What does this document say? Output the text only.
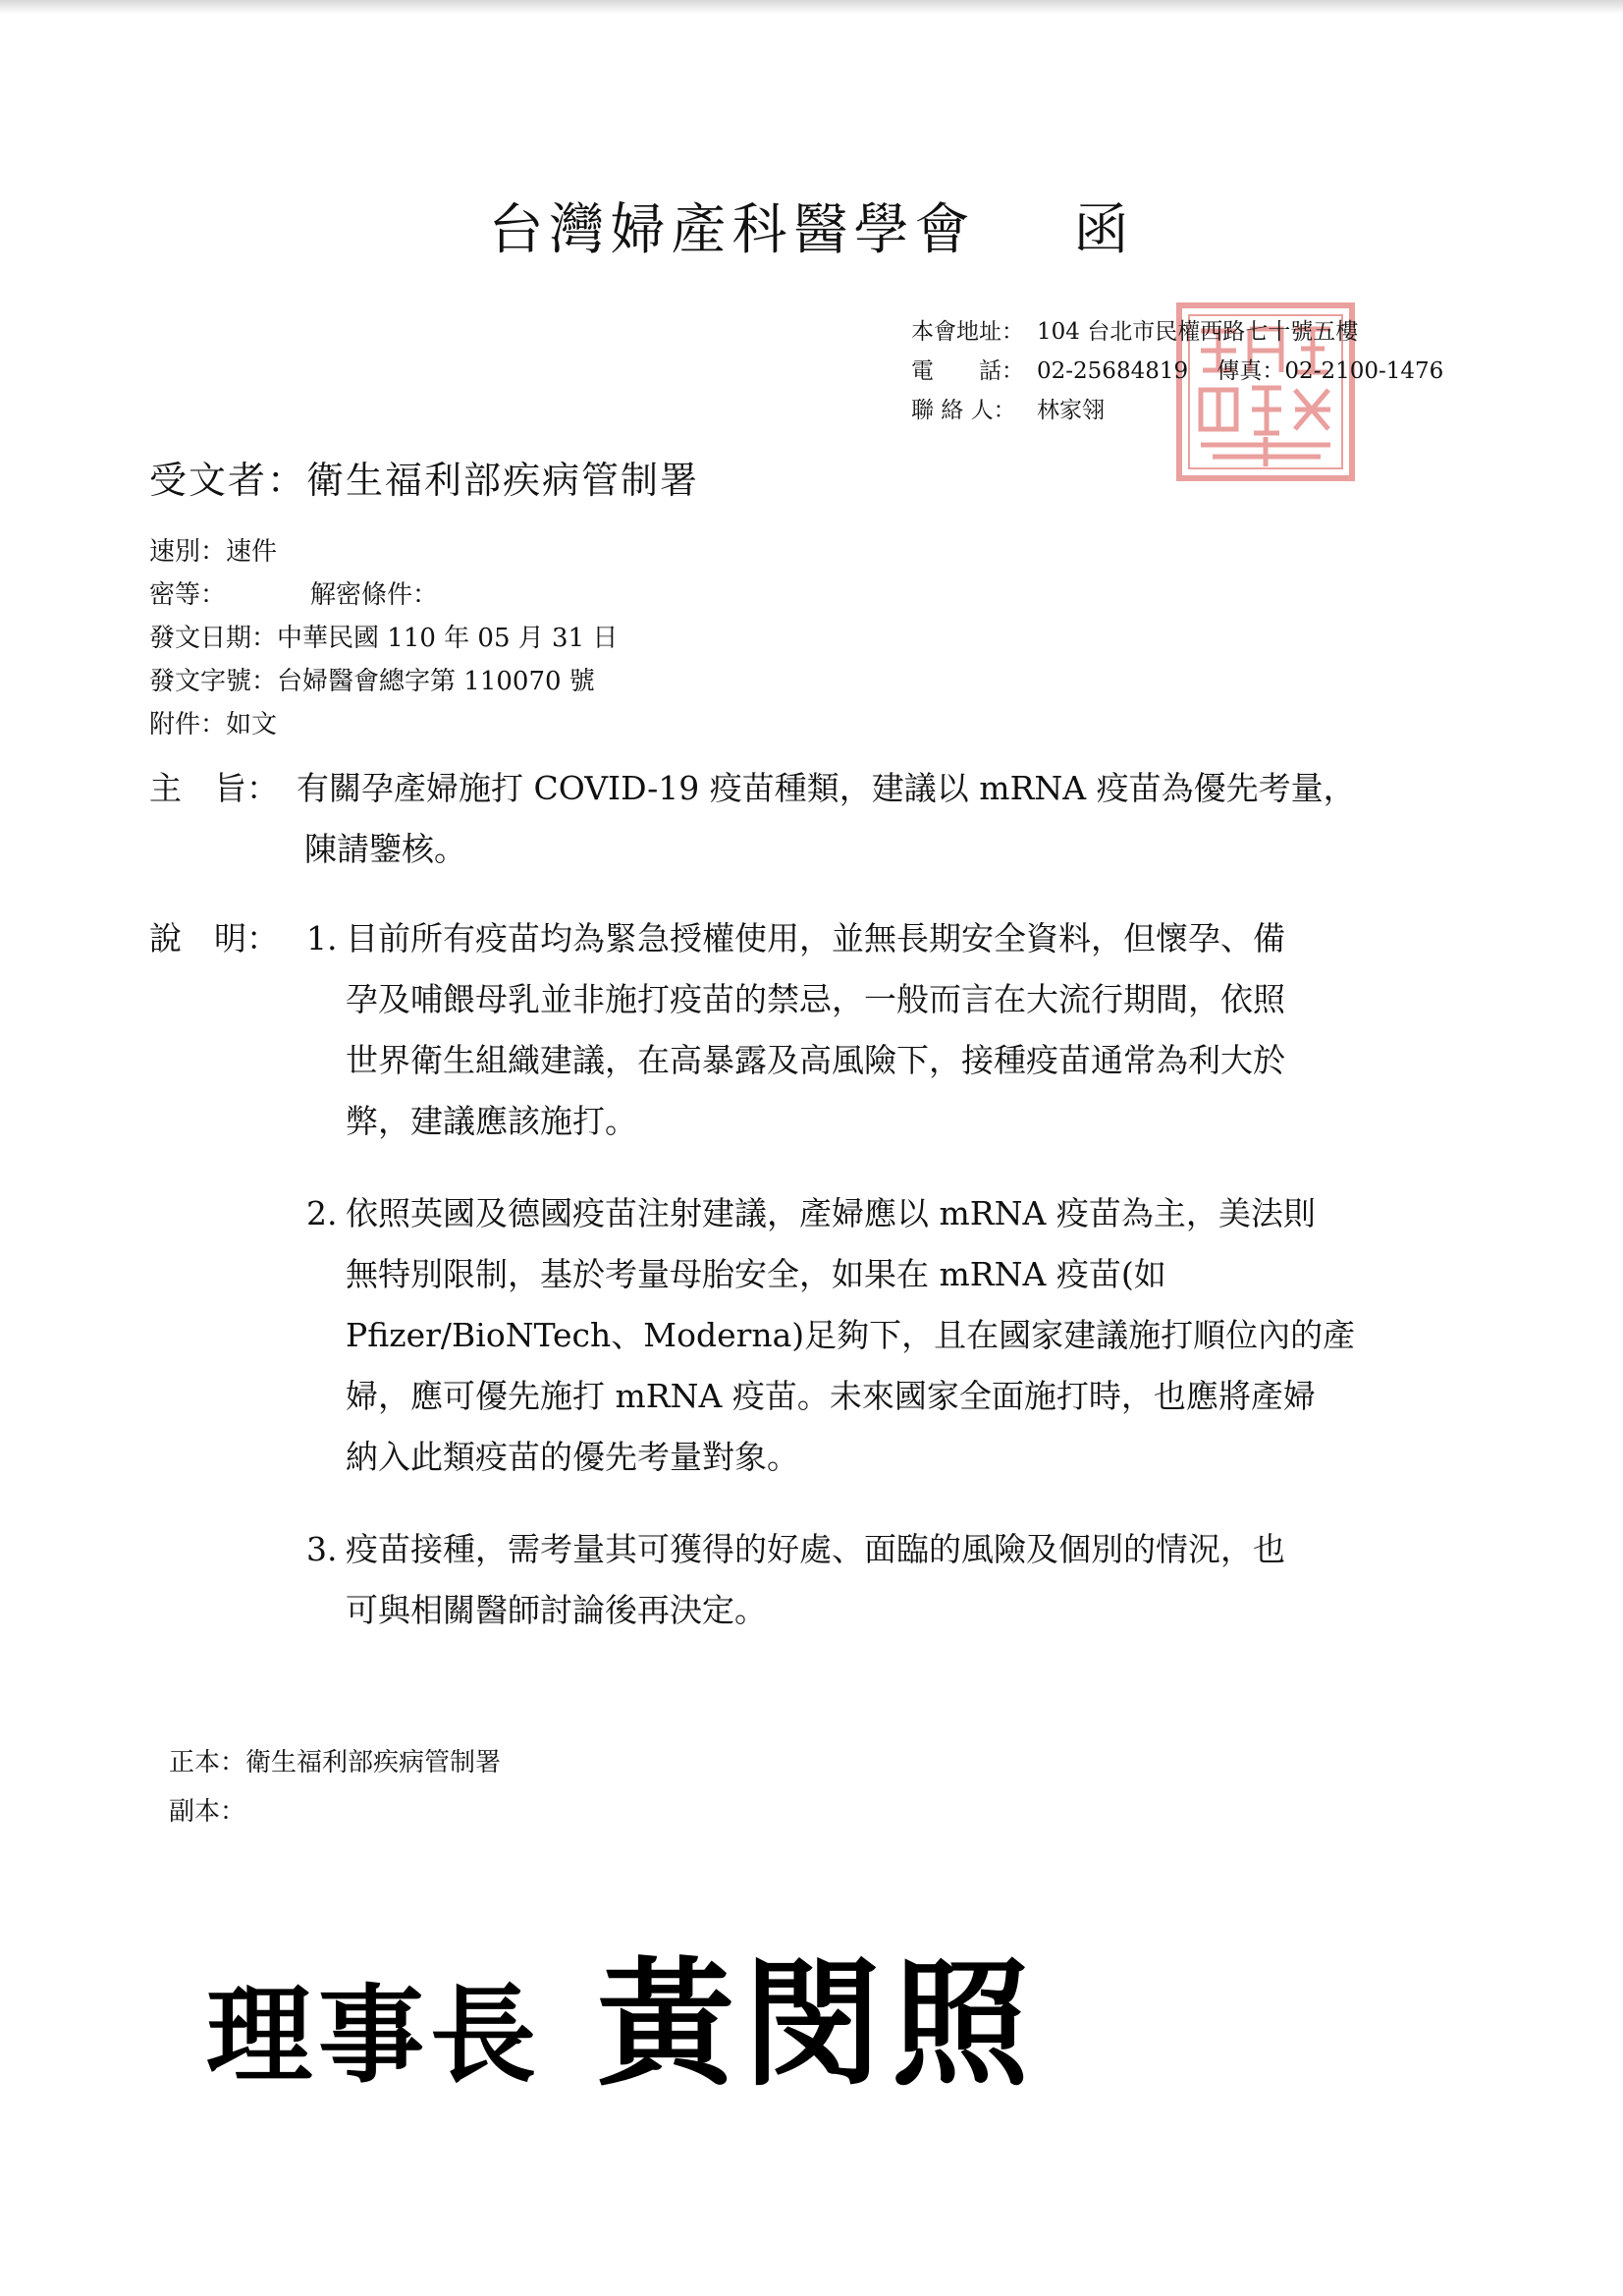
台灣婦產科醫學會 函
本會地址： 104 台北市民權西路七十號五樓
電　　話： 02-25684819 傳真：02-2100-1476
聯 絡 人： 林家翎
受文者：衛生福利部疾病管制署
速別：速件
密等：	解密條件：
發文日期：中華民國 110 年 05 月 31 日
發文字號：台婦醫會總字第 110070 號
附件：如文
主　旨： 有關孕產婦施打 COVID-19 疫苗種類，建議以 mRNA 疫苗為優先考量，
陳請鑒核。
說　明： 1. 目前所有疫苗均為緊急授權使用，並無長期安全資料，但懷孕、備
孕及哺餵母乳並非施打疫苗的禁忌，一般而言在大流行期間，依照
世界衛生組織建議，在高暴露及高風險下，接種疫苗通常為利大於
弊，建議應該施打。
2. 依照英國及德國疫苗注射建議，產婦應以 mRNA 疫苗為主，美法則
無特別限制，基於考量母胎安全，如果在 mRNA 疫苗(如
Pfizer/BioNTech、Moderna)足夠下，且在國家建議施打順位內的產
婦，應可優先施打 mRNA 疫苗。未來國家全面施打時，也應將產婦
納入此類疫苗的優先考量對象。
3. 疫苗接種，需考量其可獲得的好處、面臨的風險及個別的情況，也
可與相關醫師討論後再決定。
正本：衛生福利部疾病管制署
副本：
理事長 黃閔照
